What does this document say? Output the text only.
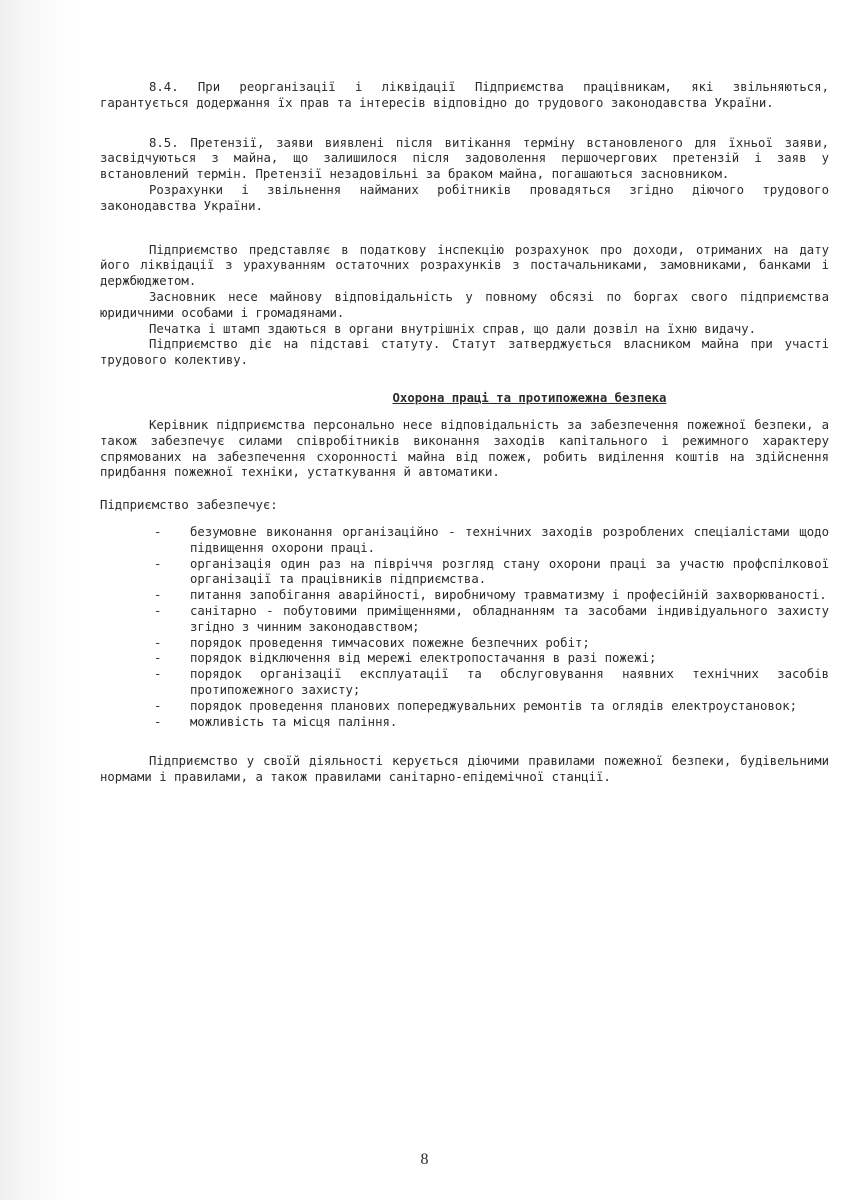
8.4. При реорганізації і ліквідації Підприємства працівникам, які звільняються, гарантується додержання їх прав та інтересів відповідно до трудового законодавства України.

8.5. Претензії, заяви виявлені після витікання терміну встановленого для їхньої заяви, засвідчуються з майна, що залишилося після задоволення першочергових претензій і заяв у встановлений термін. Претензії незадовільні за браком майна, погашаються засновником.

Розрахунки і звільнення найманих робітників провадяться згідно діючого трудового законодавства України.

Підприємство представляє в податкову інспекцію розрахунок про доходи, отриманих на дату його ліквідації з урахуванням остаточних розрахунків з постачальниками, замовниками, банками і держбюджетом.

Засновник несе майнову відповідальність у повному обсязі по боргах свого підприємства юридичними особами і громадянами.

Печатка і штамп здаються в органи внутрішніх справ, що дали дозвіл на їхню видачу.

Підприємство діє на підставі статуту. Статут затверджується власником майна при участі трудового колективу.

Охорона праці та протипожежна безпека

Керівник підприємства персонально несе відповідальність за забезпечення пожежної безпеки, а також забезпечує силами співробітників виконання заходів капітального і режимного характеру спрямованих на забезпечення схоронності майна від пожеж, робить виділення коштів на здійснення придбання пожежної техніки, устаткування й автоматики.

Підприємство забезпечує:

- безумовне виконання організаційно - технічних заходів розроблених спеціалістами щодо підвищення охорони праці.
- організація один раз на півріччя розгляд стану охорони праці за участю профспілкової організації та працівників підприємства.
- питання запобігання аварійності, виробничому травматизму і професійній захворюваності.
- санітарно - побутовими приміщеннями, обладнанням та засобами індивідуального захисту згідно з чинним законодавством;
- порядок проведення тимчасових пожежне безпечних робіт;
- порядок відключення від мережі електропостачання в разі пожежі;
- порядок організації експлуатації та обслуговування наявних технічних засобів протипожежного захисту;
- порядок проведення планових попереджувальних ремонтів та оглядів електроустановок;
- можливість та місця паління.

Підприємство у своїй діяльності керується діючими правилами пожежної безпеки, будівельними нормами і правилами, а також правилами санітарно-епідемічної станції.

8
